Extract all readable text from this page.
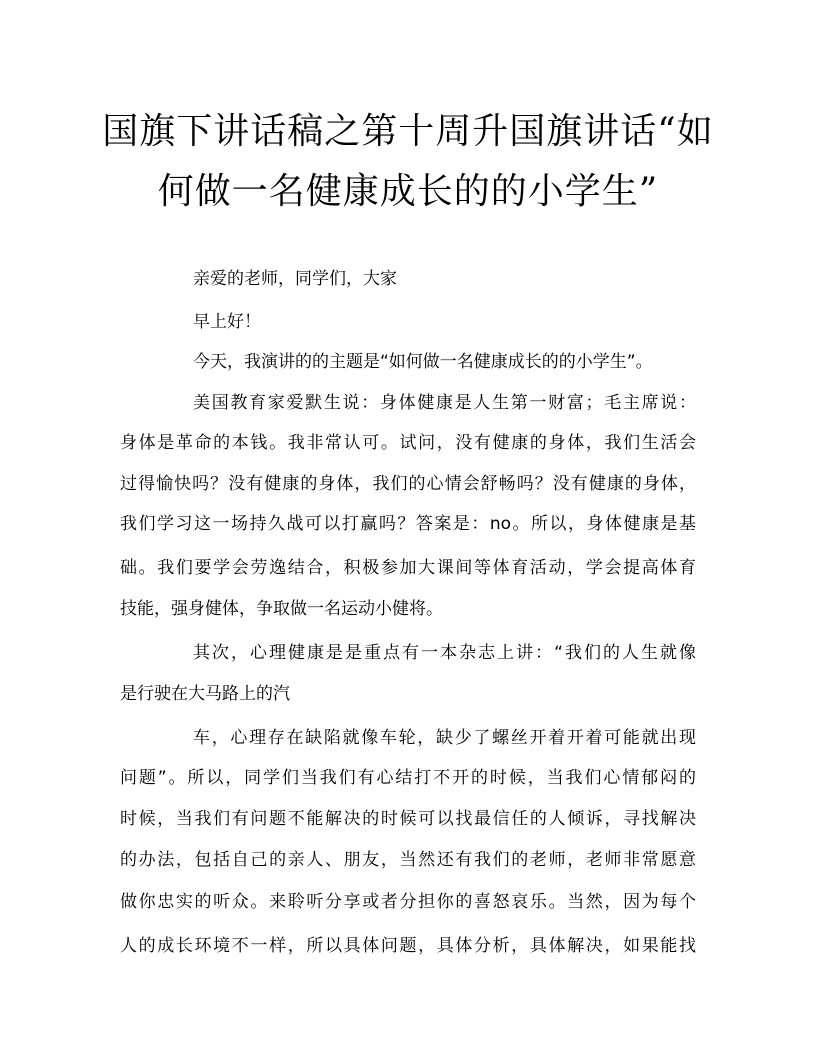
国旗下讲话稿之第十周升国旗讲话“如
何做一名健康成长的的小学生”
亲爱的老师，同学们，大家
早上好！
今天，我演讲的的主题是“如何做一名健康成长的的小学生”。
美国教育家爱默生说：身体健康是人生第一财富；毛主席说：
身体是革命的本钱。我非常认可。试问，没有健康的身体，我们生活会
过得愉快吗？没有健康的身体，我们的心情会舒畅吗？没有健康的身体，
我们学习这一场持久战可以打赢吗？答案是：no。所以，身体健康是基
础。我们要学会劳逸结合，积极参加大课间等体育活动，学会提高体育
技能，强身健体，争取做一名运动小健将。
其次，心理健康是是重点有一本杂志上讲：“我们的人生就像
是行驶在大马路上的汽
车，心理存在缺陷就像车轮，缺少了螺丝开着开着可能就出现
问题”。所以，同学们当我们有心结打不开的时候，当我们心情郁闷的
时候，当我们有问题不能解决的时候可以找最信任的人倾诉，寻找解决
的办法，包括自己的亲人、朋友，当然还有我们的老师，老师非常愿意
做你忠实的听众。来聆听分享或者分担你的喜怒哀乐。当然，因为每个
人的成长环境不一样，所以具体问题，具体分析，具体解决，如果能找
